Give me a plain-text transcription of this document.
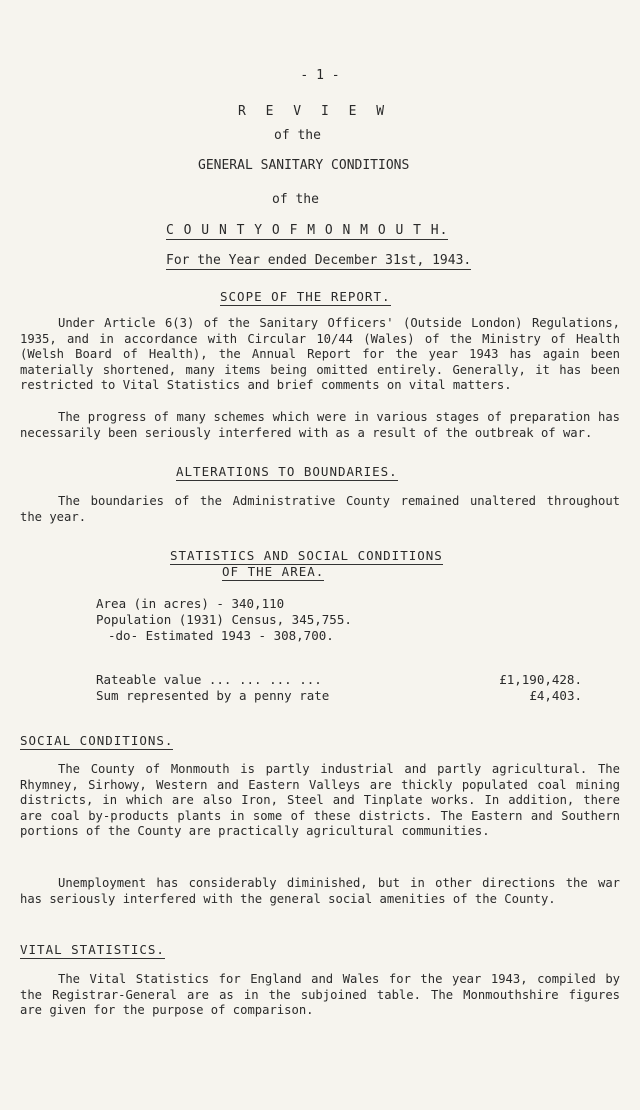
- 1 -
R E V I E W
of the
GENERAL SANITARY CONDITIONS
of the
C O U N T Y O F M O N M O U T H.
For the Year ended December 31st, 1943.
SCOPE OF THE REPORT.

Under Article 6(3) of the Sanitary Officers' (Outside London) Regulations, 1935, and in accordance with Circular 10/44 (Wales) of the Ministry of Health (Welsh Board of Health), the Annual Report for the year 1943 has again been materially shortened, many items being omitted entirely. Generally, it has been restricted to Vital Statistics and brief comments on vital matters.

The progress of many schemes which were in various stages of preparation has necessarily been seriously interfered with as a result of the outbreak of war.

ALTERATIONS TO BOUNDARIES.

The boundaries of the Administrative County remained unaltered throughout the year.

STATISTICS AND SOCIAL CONDITIONS
OF THE AREA.
Area (in acres) - 340,110
Population (1931) Census, 345,755.
-do- Estimated 1943 - 308,700.
Rateable value ... ... ... ...	£1,190,428.
Sum represented by a penny rate	£4,403.
SOCIAL CONDITIONS.

The County of Monmouth is partly industrial and partly agricultural. The Rhymney, Sirhowy, Western and Eastern Valleys are thickly populated coal mining districts, in which are also Iron, Steel and Tinplate works. In addition, there are coal by-products plants in some of these districts. The Eastern and Southern portions of the County are practically agricultural communities.

Unemployment has considerably diminished, but in other directions the war has seriously interfered with the general social amenities of the County.

VITAL STATISTICS.

The Vital Statistics for England and Wales for the year 1943, compiled by the Registrar-General are as in the subjoined table. The Monmouthshire figures are given for the purpose of comparison.
